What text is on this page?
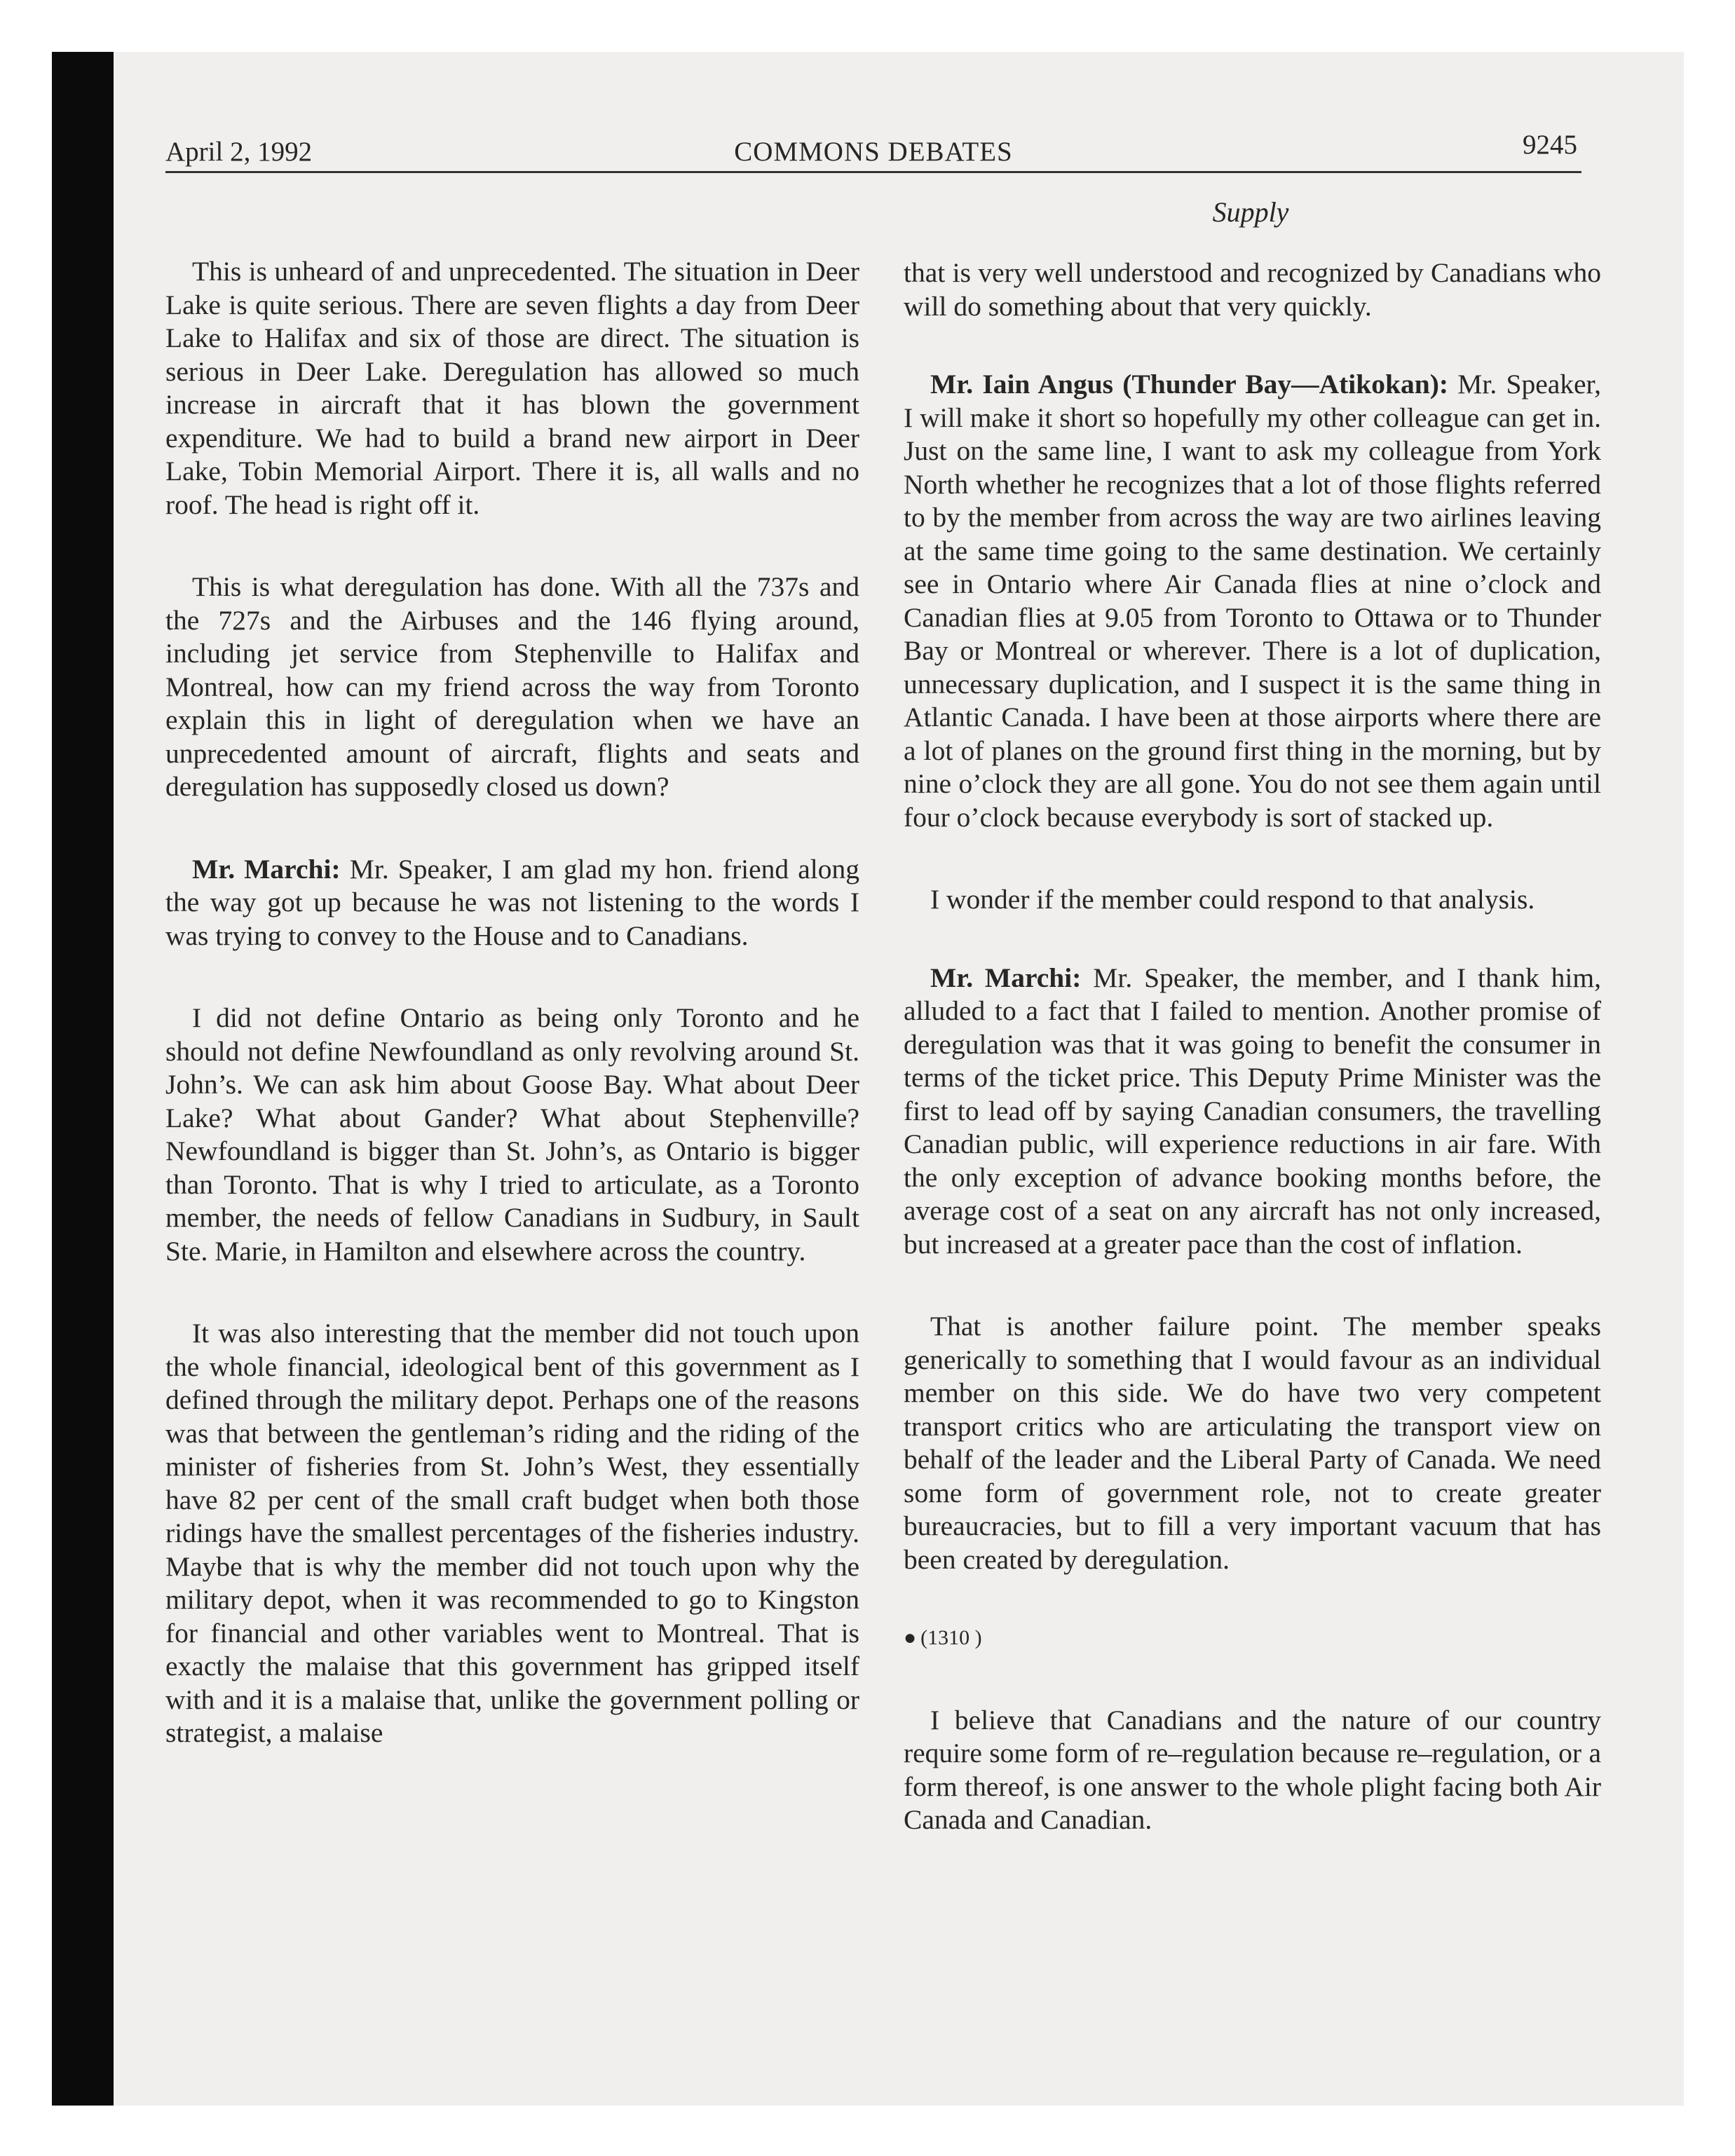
April 2, 1992	COMMONS DEBATES	9245
Supply

This is unheard of and unprecedented. The situation in Deer Lake is quite serious. There are seven flights a day from Deer Lake to Halifax and six of those are direct. The situation is serious in Deer Lake. Deregulation has allowed so much increase in aircraft that it has blown the government expenditure. We had to build a brand new airport in Deer Lake, Tobin Memorial Airport. There it is, all walls and no roof. The head is right off it.

This is what deregulation has done. With all the 737s and the 727s and the Airbuses and the 146 flying around, including jet service from Stephenville to Halifax and Montreal, how can my friend across the way from Toronto explain this in light of deregulation when we have an unprecedented amount of aircraft, flights and seats and deregulation has supposedly closed us down?

Mr. Marchi: Mr. Speaker, I am glad my hon. friend along the way got up because he was not listening to the words I was trying to convey to the House and to Canadians.

I did not define Ontario as being only Toronto and he should not define Newfoundland as only revolving around St. John’s. We can ask him about Goose Bay. What about Deer Lake? What about Gander? What about Stephenville? Newfoundland is bigger than St. John’s, as Ontario is bigger than Toronto. That is why I tried to articulate, as a Toronto member, the needs of fellow Canadians in Sudbury, in Sault Ste. Marie, in Hamilton and elsewhere across the country.

It was also interesting that the member did not touch upon the whole financial, ideological bent of this government as I defined through the military depot. Perhaps one of the reasons was that between the gentleman’s riding and the riding of the minister of fisheries from St. John’s West, they essentially have 82 per cent of the small craft budget when both those ridings have the smallest percentages of the fisheries industry. Maybe that is why the member did not touch upon why the military depot, when it was recommended to go to Kingston for financial and other variables went to Montreal. That is exactly the malaise that this government has gripped itself with and it is a malaise that, unlike the government polling or strategist, a malaise

that is very well understood and recognized by Canadians who will do something about that very quickly.

Mr. Iain Angus (Thunder Bay—Atikokan): Mr. Speaker, I will make it short so hopefully my other colleague can get in. Just on the same line, I want to ask my colleague from York North whether he recognizes that a lot of those flights referred to by the member from across the way are two airlines leaving at the same time going to the same destination. We certainly see in Ontario where Air Canada flies at nine o’clock and Canadian flies at 9.05 from Toronto to Ottawa or to Thunder Bay or Montreal or wherever. There is a lot of duplication, unnecessary duplication, and I suspect it is the same thing in Atlantic Canada. I have been at those airports where there are a lot of planes on the ground first thing in the morning, but by nine o’clock they are all gone. You do not see them again until four o’clock because everybody is sort of stacked up.

I wonder if the member could respond to that analysis.

Mr. Marchi: Mr. Speaker, the member, and I thank him, alluded to a fact that I failed to mention. Another promise of deregulation was that it was going to benefit the consumer in terms of the ticket price. This Deputy Prime Minister was the first to lead off by saying Canadian consumers, the travelling Canadian public, will experience reductions in air fare. With the only exception of advance booking months before, the average cost of a seat on any aircraft has not only increased, but increased at a greater pace than the cost of inflation.

That is another failure point. The member speaks generically to something that I would favour as an individual member on this side. We do have two very competent transport critics who are articulating the transport view on behalf of the leader and the Liberal Party of Canada. We need some form of government role, not to create greater bureaucracies, but to fill a very important vacuum that has been created by deregulation.

● (1310 )

I believe that Canadians and the nature of our country require some form of re–regulation because re–regulation, or a form thereof, is one answer to the whole plight facing both Air Canada and Canadian.
